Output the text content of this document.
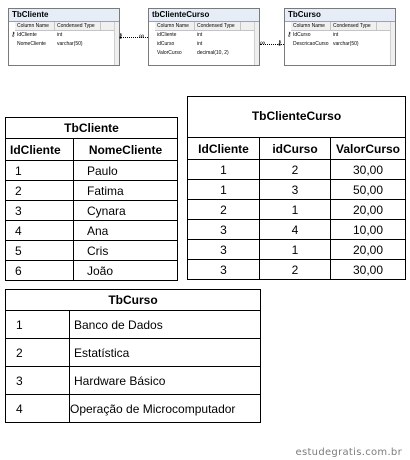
TbCliente
Column Name	Condensed Type
⚷ IdCliente	int
NomeCliente	varchar(50)
tbClienteCurso
Column Name	Condensed Type
idCliente	int
idCurso	int
ValorCurso	decimal(10, 2)
TbCurso
Column Name	Condensed Type
⚷ IdCurso	int
DescricaoCurso varchar(50)
⚷ ∞
∞ ⚷
TbCliente	
IdCliente	NomeCliente
1	Paulo
2	Fatima
3	Cynara
4	Ana
5	Cris
6	João
TbClienteCurso		
IdCliente	idCurso	ValorCurso
1	2	30,00
1	3	50,00
2	1	20,00
3	4	10,00
3	1	20,00
3	2	30,00
TbCurso	
1	Banco de Dados
2	Estatística
3	Hardware Básico
4	Operação de Microcomputador
estudegratis.com.br
